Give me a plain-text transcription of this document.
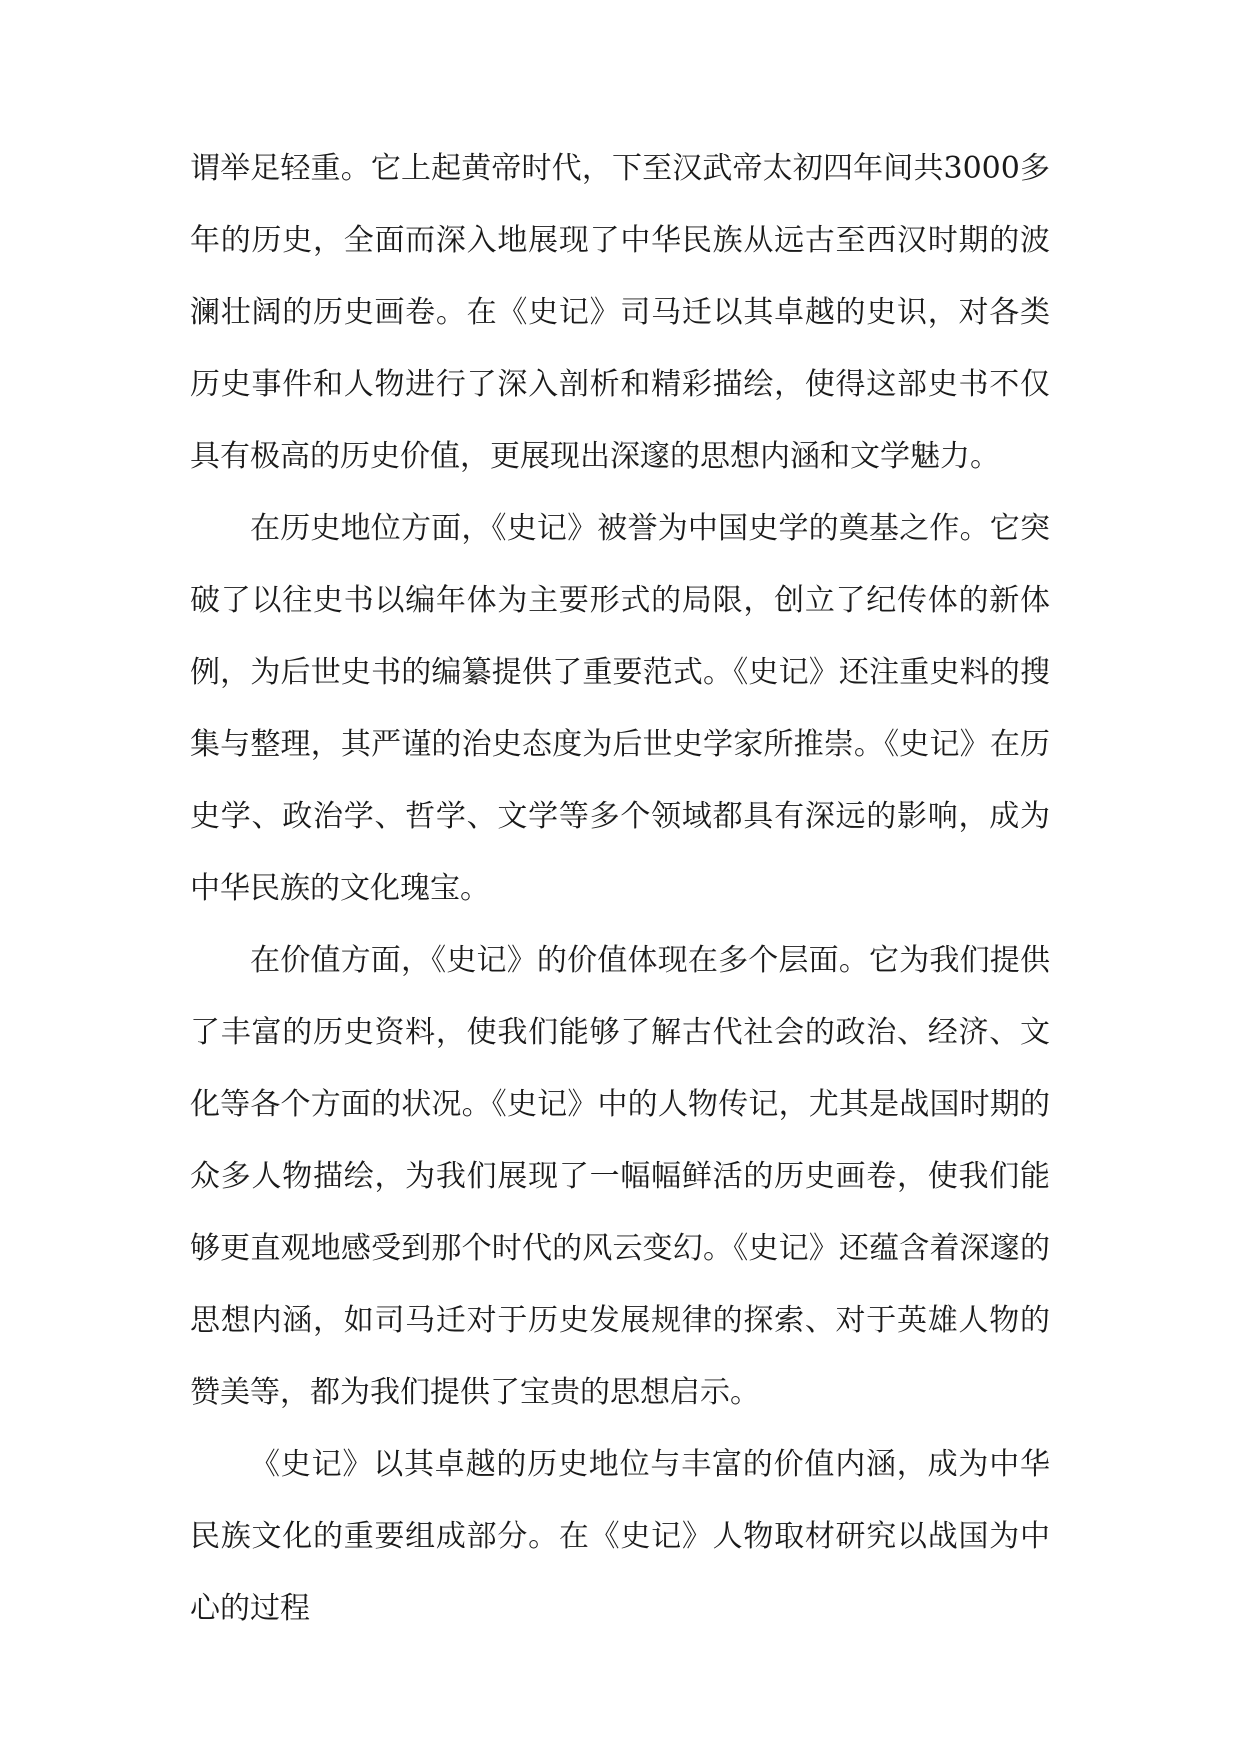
谓举足轻重。它上起黄帝时代，下至汉武帝太初四年间共3000多年的历史，全面而深入地展现了中华民族从远古至西汉时期的波澜壮阔的历史画卷。在《史记》司马迁以其卓越的史识，对各类历史事件和人物进行了深入剖析和精彩描绘，使得这部史书不仅具有极高的历史价值，更展现出深邃的思想内涵和文学魅力。

在历史地位方面，《史记》被誉为中国史学的奠基之作。它突破了以往史书以编年体为主要形式的局限，创立了纪传体的新体例，为后世史书的编纂提供了重要范式。《史记》还注重史料的搜集与整理，其严谨的治史态度为后世史学家所推崇。《史记》在历史学、政治学、哲学、文学等多个领域都具有深远的影响，成为中华民族的文化瑰宝。

在价值方面，《史记》的价值体现在多个层面。它为我们提供了丰富的历史资料，使我们能够了解古代社会的政治、经济、文化等各个方面的状况。《史记》中的人物传记，尤其是战国时期的众多人物描绘，为我们展现了一幅幅鲜活的历史画卷，使我们能够更直观地感受到那个时代的风云变幻。《史记》还蕴含着深邃的思想内涵，如司马迁对于历史发展规律的探索、对于英雄人物的赞美等，都为我们提供了宝贵的思想启示。

《史记》以其卓越的历史地位与丰富的价值内涵，成为中华民族文化的重要组成部分。在《史记》人物取材研究以战国为中心的过程
